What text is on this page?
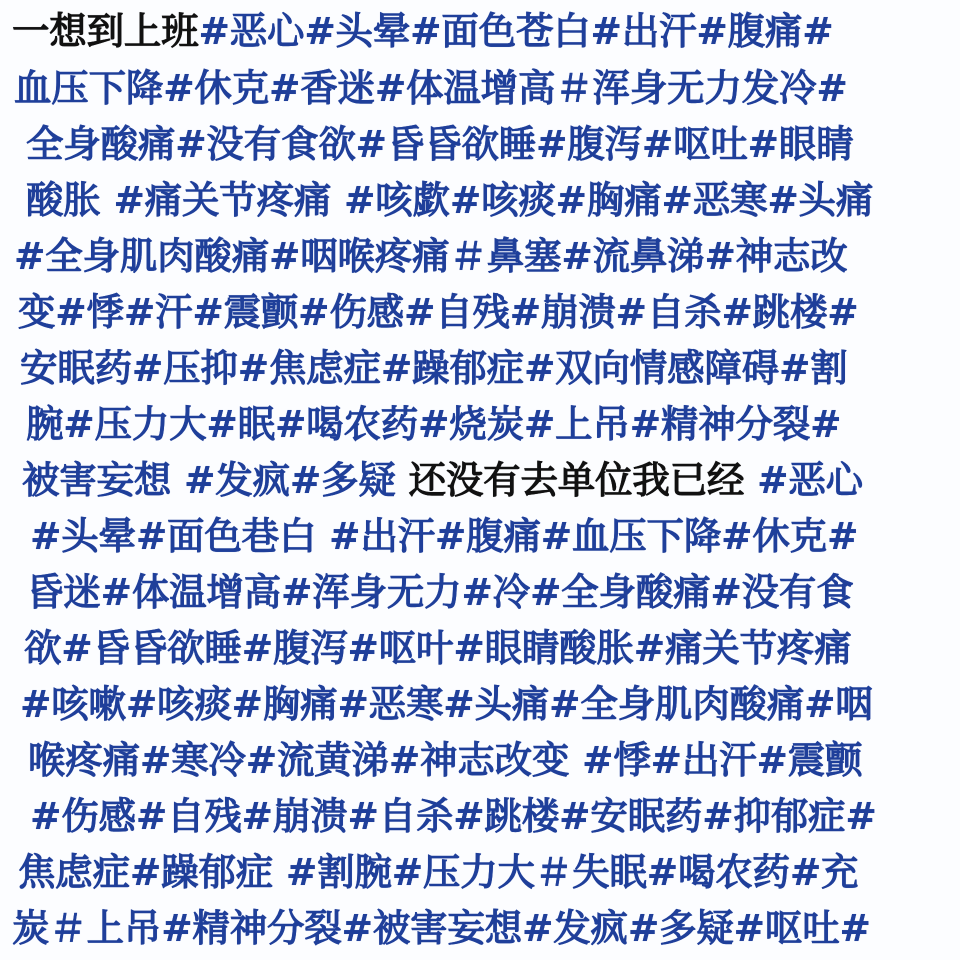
一想到上班#恶心#头晕#面色苍白#出汗#腹痛#
血压下降#休克#香迷#体温增高＃浑身无力发冷#
全身酸痛#没有食欲#昏昏欲睡#腹泻#呕吐#眼睛
酸胀 #痛关节疼痛 #咳歔#咳痰#胸痛#恶寒#头痛
#全身肌肉酸痛#咽喉疼痛＃鼻塞#流鼻涕#神志改
变#悸#汗#震颤#伤感#自残#崩溃#自杀#跳楼#
安眠药#压抑#焦虑症#躁郁症#双向情感障碍#割
腕#压力大#眠#喝农药#烧炭#上吊#精神分裂#
被害妄想 #发疯#多疑 还没有去单位我已经 #恶心
#头晕#面色巷白 #出汗#腹痛#血压下降#休克#
昏迷#体温增高#浑身无力#冷#全身酸痛#没有食
欲#昏昏欲睡#腹泻#呕叶#眼睛酸胀#痛关节疼痛
#咳嗽#咳痰#胸痛#恶寒#头痛#全身肌肉酸痛#咽
喉疼痛#寒冷#流黄涕#神志改变 #悸#出汗#震颤
#伤感#自残#崩溃#自杀#跳楼#安眠药#抑郁症#
焦虑症#躁郁症 #割腕#压力大＃失眠#喝农药#充
炭＃上吊#精神分裂#被害妄想#发疯#多疑#呕吐#
